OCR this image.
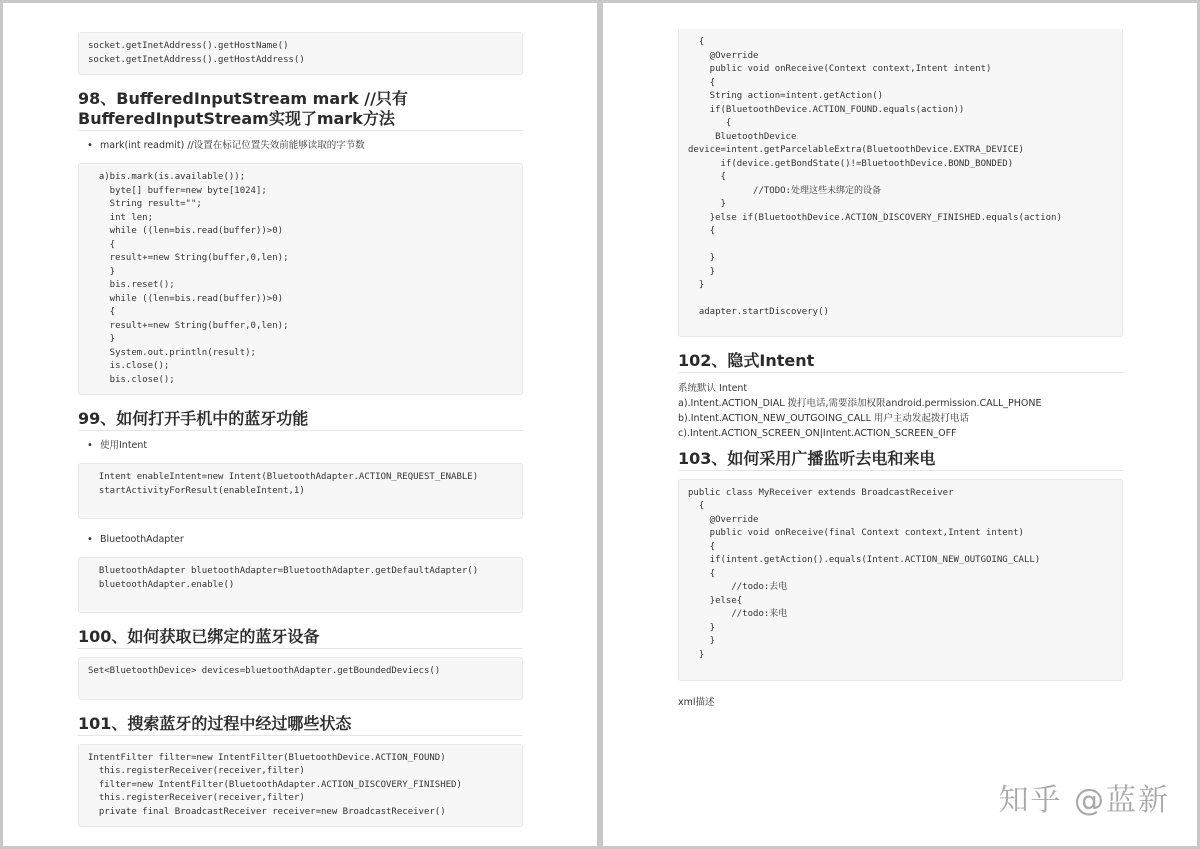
socket.getInetAddress().getHostName()
socket.getInetAddress().getHostAddress()
98、BufferedInputStream mark //只有BufferedInputStream实现了mark方法
• mark(int readmit) //设置在标记位置失效前能够读取的字节数
a)bis.mark(is.available());
byte[] buffer=new byte[1024];
String result="";
int len;
while ((len=bis.read(buffer))>0)
{
result+=new String(buffer,0,len);
}
bis.reset();
while ((len=bis.read(buffer))>0)
{
result+=new String(buffer,0,len);
}
System.out.println(result);
is.close();
bis.close();
99、如何打开手机中的蓝牙功能
• 使用Intent
Intent enableIntent=new Intent(BluetoothAdapter.ACTION_REQUEST_ENABLE)
startActivityForResult(enableIntent,1)
• BluetoothAdapter
BluetoothAdapter bluetoothAdapter=BluetoothAdapter.getDefaultAdapter()
bluetoothAdapter.enable()
100、如何获取已绑定的蓝牙设备
Set<BluetoothDevice> devices=bluetoothAdapter.getBoundedDeviecs()
101、搜索蓝牙的过程中经过哪些状态
IntentFilter filter=new IntentFilter(BluetoothDevice.ACTION_FOUND)
this.registerReceiver(receiver,filter)
filter=new IntentFilter(BluetoothAdapter.ACTION_DISCOVERY_FINISHED)
this.registerReceiver(receiver,filter)
private final BroadcastReceiver receiver=new BroadcastReceiver()
{
@Override
public void onReceive(Context context,Intent intent)
{
String action=intent.getAction()
if(BluetoothDevice.ACTION_FOUND.equals(action))
{
BluetoothDevice
device=intent.getParcelableExtra(BluetoothDevice.EXTRA_DEVICE)
if(device.getBondState()!=BluetoothDevice.BOND_BONDED)
{
//TODO:处理这些未绑定的设备
}
}else if(BluetoothDevice.ACTION_DISCOVERY_FINISHED.equals(action)
{

}
}
}

adapter.startDiscovery()
102、隐式Intent

系统默认 Intent

a).Intent.ACTION_DIAL 拨打电话,需要添加权限android.permission.CALL_PHONE

b).Intent.ACTION_NEW_OUTGOING_CALL 用户主动发起拨打电话

c).Intent.ACTION_SCREEN_ON|Intent.ACTION_SCREEN_OFF

103、如何采用广播监听去电和来电
public class MyReceiver extends BroadcastReceiver
{
@Override
public void onReceive(final Context context,Intent intent)
{
if(intent.getAction().equals(Intent.ACTION_NEW_OUTGOING_CALL)
{
//todo:去电
}else{
//todo:来电
}
}
}

xml描述

知乎 @蓝新
